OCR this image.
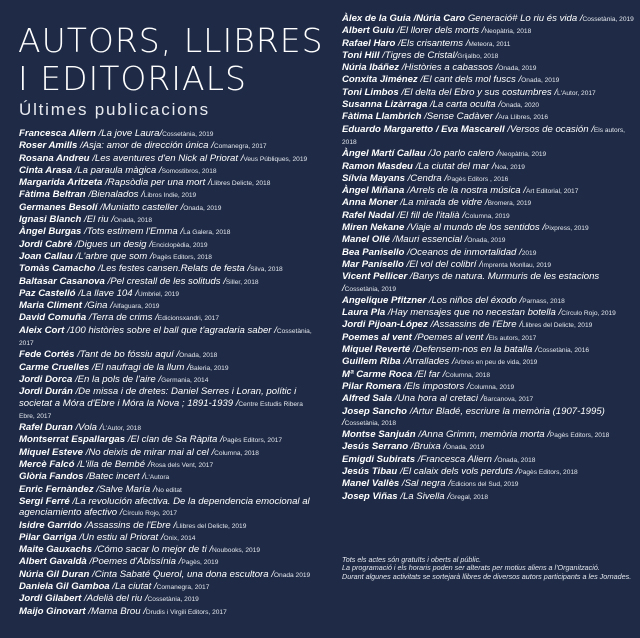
AUTORS, LLIBRES
I EDITORIALS
Últimes publicacions
Francesca Aliern /La jove Laura/Cossetània, 2019
Roser Amills /Asja: amor de dirección única /Comanegra, 2017
Rosana Andreu /Les aventures d'en Nick al Priorat /Veus Públiques, 2019
Cinta Arasa /La paraula màgica /Somostibros, 2018
Margarida Aritzeta /Rapsòdia per una mort /Llibres Delicte, 2018
Fàtima Beltran /Bienalados /Libros Indie, 2019
Germanes Besolí /Muniatto casteller /Onada, 2019
Ignasi Blanch /El riu /Onada, 2018
Àngel Burgas /Tots estimem l'Emma /La Galera, 2018
Jordi Cabré /Digues un desig /Enciclopèdia, 2019
Joan Callau /L'arbre que som /Pagès Editors, 2018
Tomàs Camacho /Les festes cansen.Relats de festa /Silva, 2018
Baltasar Casanova /Pel crestall de les solituds /Siller, 2018
Paz Castelló /La llave 104 /Umbriel, 2019
Maria Climent /Gina /Alfaguara, 2019
David Comuña /Terra de crims /Edicionsxandri, 2017
Aleix Cort /100 històries sobre el ball que t'agradaria saber /Cossetània, 2017
Fede Cortés /Tant de bo fóssiu aquí /Onada, 2018
Carme Cruelles /El naufragi de la llum /Baleria, 2019
Jordi Dorca /En la pols de l'aire /Germania, 2014
Jordi Durán /De missa i de dretes: Daniel Serres i Loran, polític i societat a Móra d'Ebre i Móra la Nova ; 1891-1939 /Centre Estudis Ribera Ebre, 2017
Rafel Duran /Vola /L'Autor, 2018
Montserrat Espallargas /El clan de Sa Ràpita /Pagès Editors, 2017
Miquel Esteve /No deixis de mirar mai al cel /Columna, 2018
Mercè Falcó /L'illa de Bembé /Rosa dels Vent, 2017
Glòria Fandos /Batec incert /L'Autora
Enric Fernàndez /Salve María /No editat
Sergi Ferré /La revolución afectiva. De la dependencia emocional al agenciamiento afectivo /Círculo Rojo, 2017
Isidre Garrido /Assassins de l'Ebre /Llibres del Delicte, 2019
Pilar Garriga /Un estiu al Priorat /Onix, 2014
Maite Gauxachs /Cómo sacar lo mejor de ti /Noubooks, 2019
Albert Gavaldà /Poemes d'Abissínia /Pagès, 2019
Núria Gil Duran /Cinta Sabaté Querol, una dona escultora /Onada 2019
Daniela Gil Gamboa /La ciutat /Comanegra, 2017
Jordi Gilabert /Adelià del riu /Cossetània, 2019
Maijo Ginovart /Mama Brou /Drudis i Virgili Editors, 2017
Àlex de la Guia /Núria Caro Generació# Lo riu és vida /Cossetània, 2019
Albert Guiu /El llorer dels morts /Neopàtria, 2018
Rafael Haro /Els crisantems /Meteora, 2011
Toni Hill /Tigres de Cristal/Grijalbo, 2018
Núria Ibáñez /Històries a cabassos /Onada, 2019
Conxita Jiménez /El cant dels mol fuscs /Onada, 2019
Toni Limbos /El delta del Ebro y sus costumbres /L'Autor, 2017
Susanna Lizàrraga /La carta oculta /Onada, 2020
Fàtima Llambrich /Sense Cadàver /Ara Llibres, 2016
Eduardo Margaretto / Eva Mascarell /Versos de ocasión /Els autors, 2018
Àngel Martí Callau /Jo parlo calero /Neopàtria, 2019
Ramon Masdeu /La ciutat del mar /Noa, 2019
Sílvia Mayans /Cendra /Pagès Editors , 2016
Àngel Miñana /Arrels de la nostra música /Art Editorial, 2017
Anna Moner /La mirada de vidre /Bromera, 2019
Rafel Nadal /El fill de l'italià /Columna, 2019
Miren Nekane /Viaje al mundo de los sentidos /Pixpress, 2019
Manel Ollé /Mauri essencial /Onada, 2019
Bea Panisello /Oceanos de inmortalidad /2019
Mar Panisello /El vol del colibrí /Imprenta Monllau, 2019
Vicent Pellicer /Banys de natura. Murmuris de les estacions /Cossetània, 2019
Angelique Pfitzner /Los niños del éxodo /Parnass, 2018
Laura Pla /Hay mensajes que no necestan botella /Círculo Rojo, 2019
Jordi Pijoan-López /Assassins de l'Ebre /Llibres del Delicte, 2019
Poemes al vent /Poemes al vent /Els autors, 2017
Miquel Reverté /Defensem-nos en la batalla /Cossetània, 2016
Guillem Riba /Arrallades /Arbres en peu de vida, 2019
Mª Carme Roca /El far /Columna, 2018
Pilar Romera /Els impostors /Columna, 2019
Alfred Sala /Una hora al cretaci /Barcanova, 2017
Josep Sancho /Artur Bladé, escriure la memòria (1907-1995) /Cossetània, 2018
Montse Sanjuán /Anna Grimm, memòria morta /Pagès Editors, 2018
Jesús Serrano /Bruixa /Onada, 2019
Emigdi Subirats /Francesca Aliern /Onada, 2018
Jesús Tibau /El calaix dels vols perduts /Pagès Editors, 2018
Manel Vallès /Sal negra /Edicions del Sud, 2019
Josep Viñas /La Sivella /Gregal, 2018
Tots els actes són gratuïts i oberts al públic.
La programació i els horaris poden ser alterats per motius aliens a l'Organització.
Durant algunes activitats se sortejarà llibres de diversos autors participants a les Jornades.
